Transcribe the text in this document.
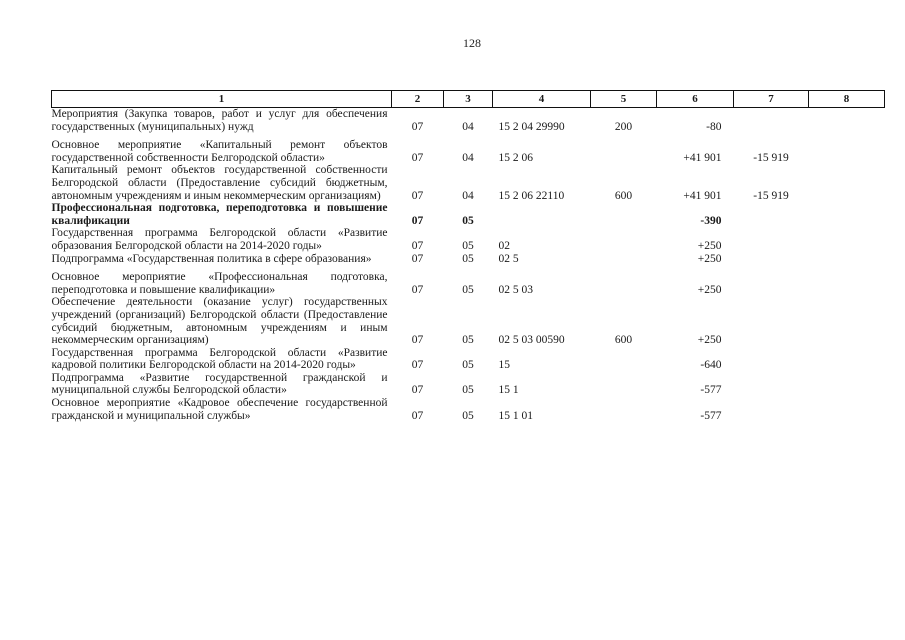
128
1	2	3	4	5	6	7	8
Мероприятия (Закупка товаров, работ и услуг для обеспечения государственных (муниципальных) нужд	07	04	15 2 04 29990	200	-80		
Основное мероприятие «Капитальный ремонт объектов государственной собственности Белгородской области»	07	04	15 2 06		+41 901	-15 919	
Капитальный ремонт объектов государственной собственности Белгородской области (Предоставление субсидий бюджетным, автономным учреждениям и иным некоммерческим организациям)	07	04	15 2 06 22110	600	+41 901	-15 919	
Профессиональная подготовка, переподготовка и повышение квалификации	07	05			-390		
Государственная программа Белгородской области «Развитие образования Белгородской области на 2014-2020 годы»	07	05	02		+250		
Подпрограмма «Государственная политика в сфере образования»	07	05	02 5		+250		
Основное мероприятие «Профессиональная подготовка, переподготовка и повышение квалификации»	07	05	02 5 03		+250		
Обеспечение деятельности (оказание услуг) государственных учреждений (организаций) Белгородской области (Предоставление субсидий бюджетным, автономным учреждениям и иным некоммерческим организациям)	07	05	02 5 03 00590	600	+250		
Государственная программа Белгородской области «Развитие кадровой политики Белгородской области на 2014-2020 годы»	07	05	15		-640		
Подпрограмма «Развитие государственной гражданской и муниципальной службы Белгородской области»	07	05	15 1		-577		
Основное мероприятие «Кадровое обеспечение государственной гражданской и муниципальной службы»	07	05	15 1 01		-577		
